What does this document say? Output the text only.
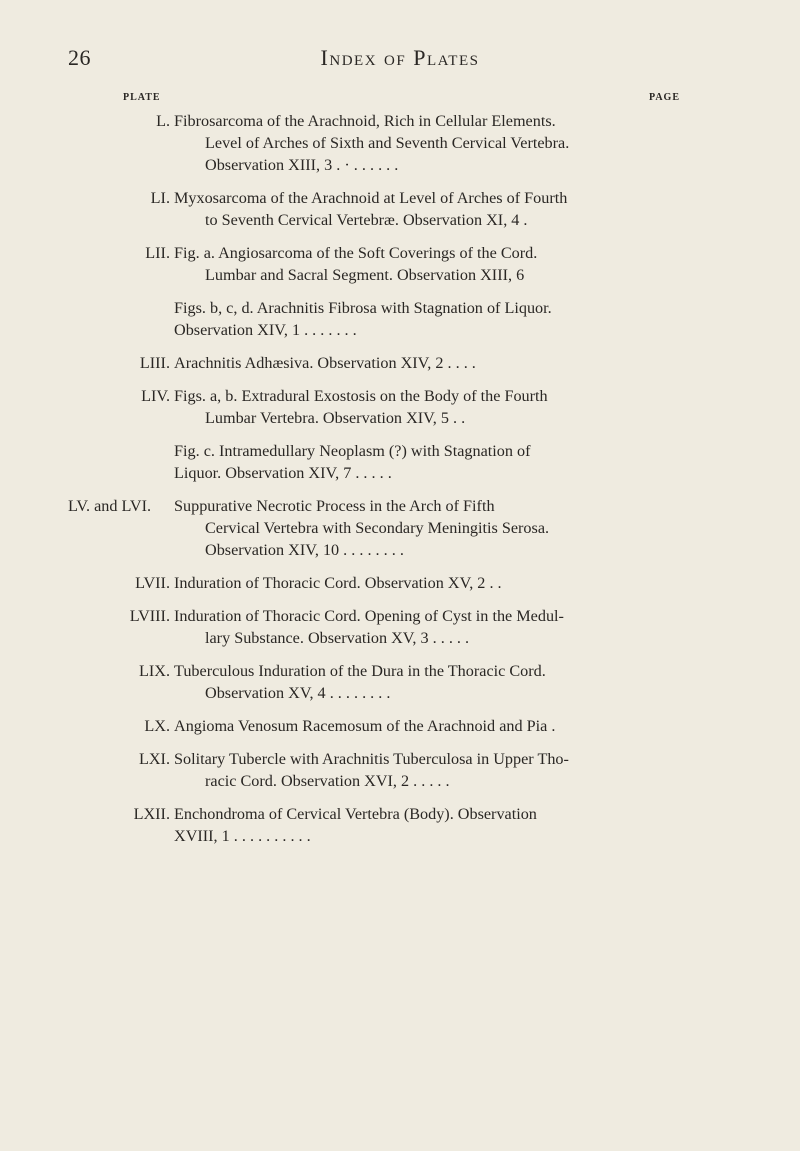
26	Index of Plates
PLATE	PAGE
L. Fibrosarcoma of the Arachnoid, Rich in Cellular Elements.
Level of Arches of Sixth and Seventh Cervical Vertebra.
Observation XIII, 3 . · . . . . . .
LI. Myxosarcoma of the Arachnoid at Level of Arches of Fourth
to Seventh Cervical Vertebræ. Observation XI, 4 .
LII. Fig. a. Angiosarcoma of the Soft Coverings of the Cord.
Lumbar and Sacral Segment. Observation XIII, 6
Figs. b, c, d. Arachnitis Fibrosa with Stagnation of Liquor.
Observation XIV, 1 . . . . . . .
LIII. Arachnitis Adhæsiva. Observation XIV, 2 . . . .
LIV. Figs. a, b. Extradural Exostosis on the Body of the Fourth
Lumbar Vertebra. Observation XIV, 5 . .
Fig. c. Intramedullary Neoplasm (?) with Stagnation of
Liquor. Observation XIV, 7 . . . . .
LV. and LVI. Suppurative Necrotic Process in the Arch of Fifth
Cervical Vertebra with Secondary Meningitis Serosa.
Observation XIV, 10 . . . . . . . .
LVII. Induration of Thoracic Cord. Observation XV, 2 . .
LVIII. Induration of Thoracic Cord. Opening of Cyst in the Medul-
lary Substance. Observation XV, 3 . . . . .
LIX. Tuberculous Induration of the Dura in the Thoracic Cord.
Observation XV, 4 . . . . . . . .
LX. Angioma Venosum Racemosum of the Arachnoid and Pia .
LXI. Solitary Tubercle with Arachnitis Tuberculosa in Upper Tho-
racic Cord. Observation XVI, 2 . . . . .
LXII. Enchondroma of Cervical Vertebra (Body). Observation
XVIII, 1 . . . . . . . . . .
